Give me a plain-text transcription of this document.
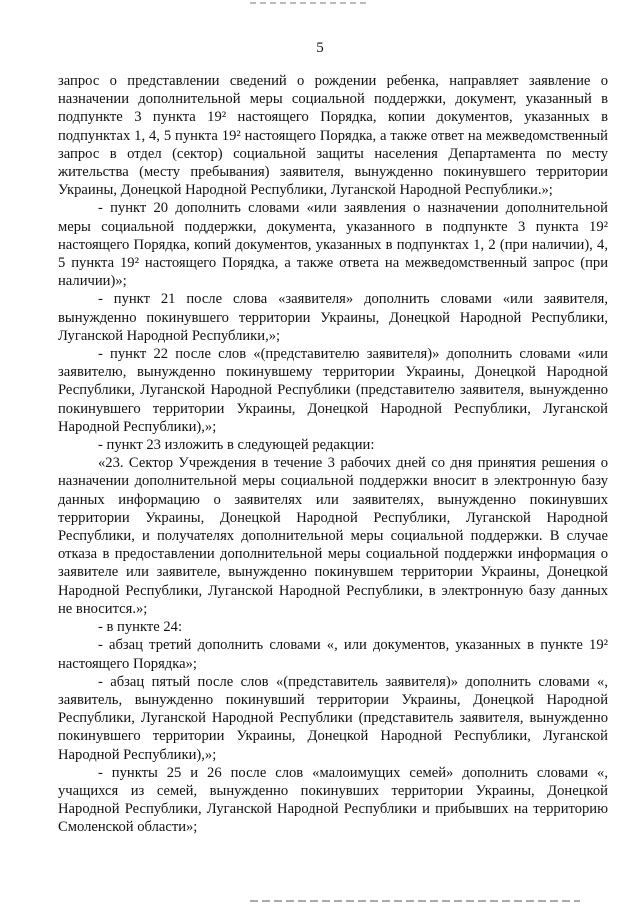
5

запрос о представлении сведений о рождении ребенка, направляет заявление о назначении дополнительной меры социальной поддержки, документ, указанный в подпункте 3 пункта 19² настоящего Порядка, копии документов, указанных в подпунктах 1, 4, 5 пункта 19² настоящего Порядка, а также ответ на межведомственный запрос в отдел (сектор) социальной защиты населения Департамента по месту жительства (месту пребывания) заявителя, вынужденно покинувшего территории Украины, Донецкой Народной Республики, Луганской Народной Республики.»;

- пункт 20 дополнить словами «или заявления о назначении дополнительной меры социальной поддержки, документа, указанного в подпункте 3 пункта 19² настоящего Порядка, копий документов, указанных в подпунктах 1, 2 (при наличии), 4, 5 пункта 19² настоящего Порядка, а также ответа на межведомственный запрос (при наличии)»;

- пункт 21 после слова «заявителя» дополнить словами «или заявителя, вынужденно покинувшего территории Украины, Донецкой Народной Республики, Луганской Народной Республики,»;

- пункт 22 после слов «(представителю заявителя)» дополнить словами «или заявителю, вынужденно покинувшему территории Украины, Донецкой Народной Республики, Луганской Народной Республики (представителю заявителя, вынужденно покинувшего территории Украины, Донецкой Народной Республики, Луганской Народной Республики),»;

- пункт 23 изложить в следующей редакции:

«23. Сектор Учреждения в течение 3 рабочих дней со дня принятия решения о назначении дополнительной меры социальной поддержки вносит в электронную базу данных информацию о заявителях или заявителях, вынужденно покинувших территории Украины, Донецкой Народной Республики, Луганской Народной Республики, и получателях дополнительной меры социальной поддержки. В случае отказа в предоставлении дополнительной меры социальной поддержки информация о заявителе или заявителе, вынужденно покинувшем территории Украины, Донецкой Народной Республики, Луганской Народной Республики, в электронную базу данных не вносится.»;

- в пункте 24:

- абзац третий дополнить словами «, или документов, указанных в пункте 19² настоящего Порядка»;

- абзац пятый после слов «(представитель заявителя)» дополнить словами «, заявитель, вынужденно покинувший территории Украины, Донецкой Народной Республики, Луганской Народной Республики (представитель заявителя, вынужденно покинувшего территории Украины, Донецкой Народной Республики, Луганской Народной Республики),»;

- пункты 25 и 26 после слов «малоимущих семей» дополнить словами «, учащихся из семей, вынужденно покинувших территории Украины, Донецкой Народной Республики, Луганской Народной Республики и прибывших на территорию Смоленской области»;
